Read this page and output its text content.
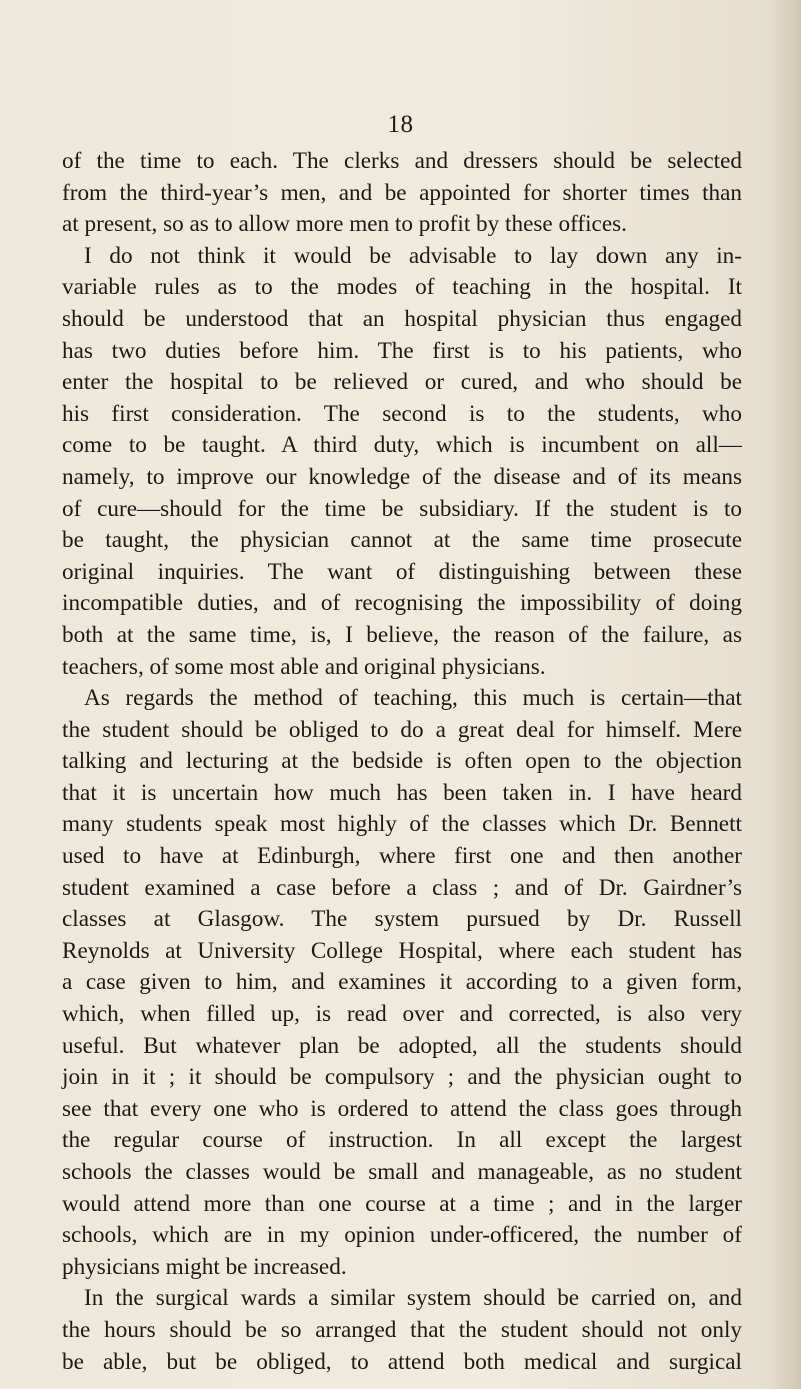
18
of the time to each. The clerks and dressers should be selected
from the third-year’s men, and be appointed for shorter times than
at present, so as to allow more men to profit by these offices.
I do not think it would be advisable to lay down any in-
variable rules as to the modes of teaching in the hospital. It
should be understood that an hospital physician thus engaged
has two duties before him. The first is to his patients, who
enter the hospital to be relieved or cured, and who should be
his first consideration. The second is to the students, who
come to be taught. A third duty, which is incumbent on all—
namely, to improve our knowledge of the disease and of its means
of cure—should for the time be subsidiary. If the student is to
be taught, the physician cannot at the same time prosecute
original inquiries. The want of distinguishing between these
incompatible duties, and of recognising the impossibility of doing
both at the same time, is, I believe, the reason of the failure, as
teachers, of some most able and original physicians.
As regards the method of teaching, this much is certain—that
the student should be obliged to do a great deal for himself. Mere
talking and lecturing at the bedside is often open to the objection
that it is uncertain how much has been taken in. I have heard
many students speak most highly of the classes which Dr. Bennett
used to have at Edinburgh, where first one and then another
student examined a case before a class ; and of Dr. Gairdner’s
classes at Glasgow. The system pursued by Dr. Russell
Reynolds at University College Hospital, where each student has
a case given to him, and examines it according to a given form,
which, when filled up, is read over and corrected, is also very
useful. But whatever plan be adopted, all the students should
join in it ; it should be compulsory ; and the physician ought to
see that every one who is ordered to attend the class goes through
the regular course of instruction. In all except the largest
schools the classes would be small and manageable, as no student
would attend more than one course at a time ; and in the larger
schools, which are in my opinion under-officered, the number of
physicians might be increased.
In the surgical wards a similar system should be carried on, and
the hours should be so arranged that the student should not only
be able, but be obliged, to attend both medical and surgical
